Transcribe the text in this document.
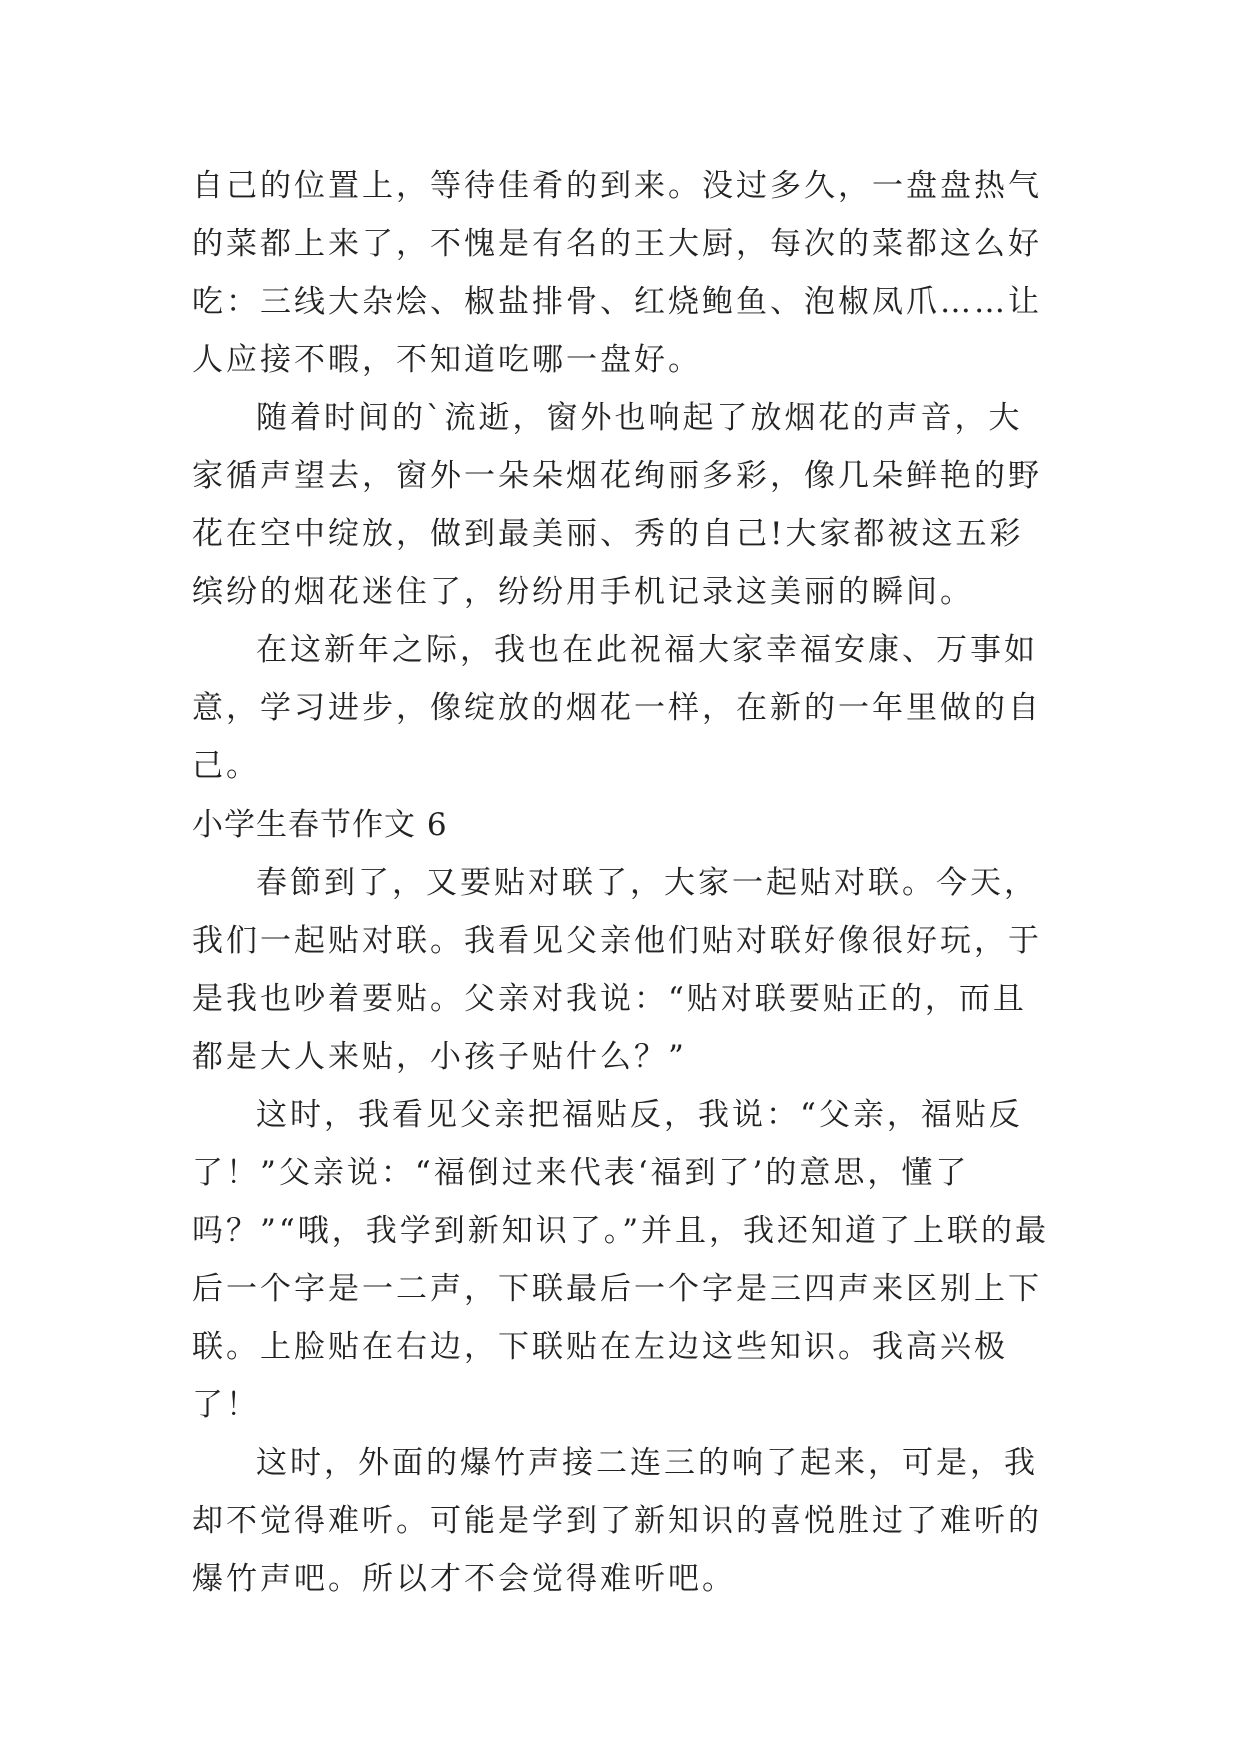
自己的位置上，等待佳肴的到来。没过多久，一盘盘热气的菜都上来了，不愧是有名的王大厨，每次的菜都这么好吃：三线大杂烩、椒盐排骨、红烧鲍鱼、泡椒凤爪……让人应接不暇，不知道吃哪一盘好。

随着时间的`流逝，窗外也响起了放烟花的声音，大家循声望去，窗外一朵朵烟花绚丽多彩，像几朵鲜艳的野花在空中绽放，做到最美丽、秀的自己!大家都被这五彩缤纷的烟花迷住了，纷纷用手机记录这美丽的瞬间。

在这新年之际，我也在此祝福大家幸福安康、万事如意，学习进步，像绽放的烟花一样，在新的一年里做的自己。

小学生春节作文 6

春節到了，又要贴对联了，大家一起贴对联。今天，我们一起贴对联。我看见父亲他们贴对联好像很好玩，于是我也吵着要贴。父亲对我说：“贴对联要贴正的，而且都是大人来贴，小孩子贴什么？”

这时，我看见父亲把福贴反，我说：“父亲，福贴反了！”父亲说：“福倒过来代表‘福到了’的意思，懂了吗？”“哦，我学到新知识了。”并且，我还知道了上联的最后一个字是一二声，下联最后一个字是三四声来区别上下联。上脸贴在右边，下联贴在左边这些知识。我高兴极了！

这时，外面的爆竹声接二连三的响了起来，可是，我却不觉得难听。可能是学到了新知识的喜悦胜过了难听的爆竹声吧。所以才不会觉得难听吧。
